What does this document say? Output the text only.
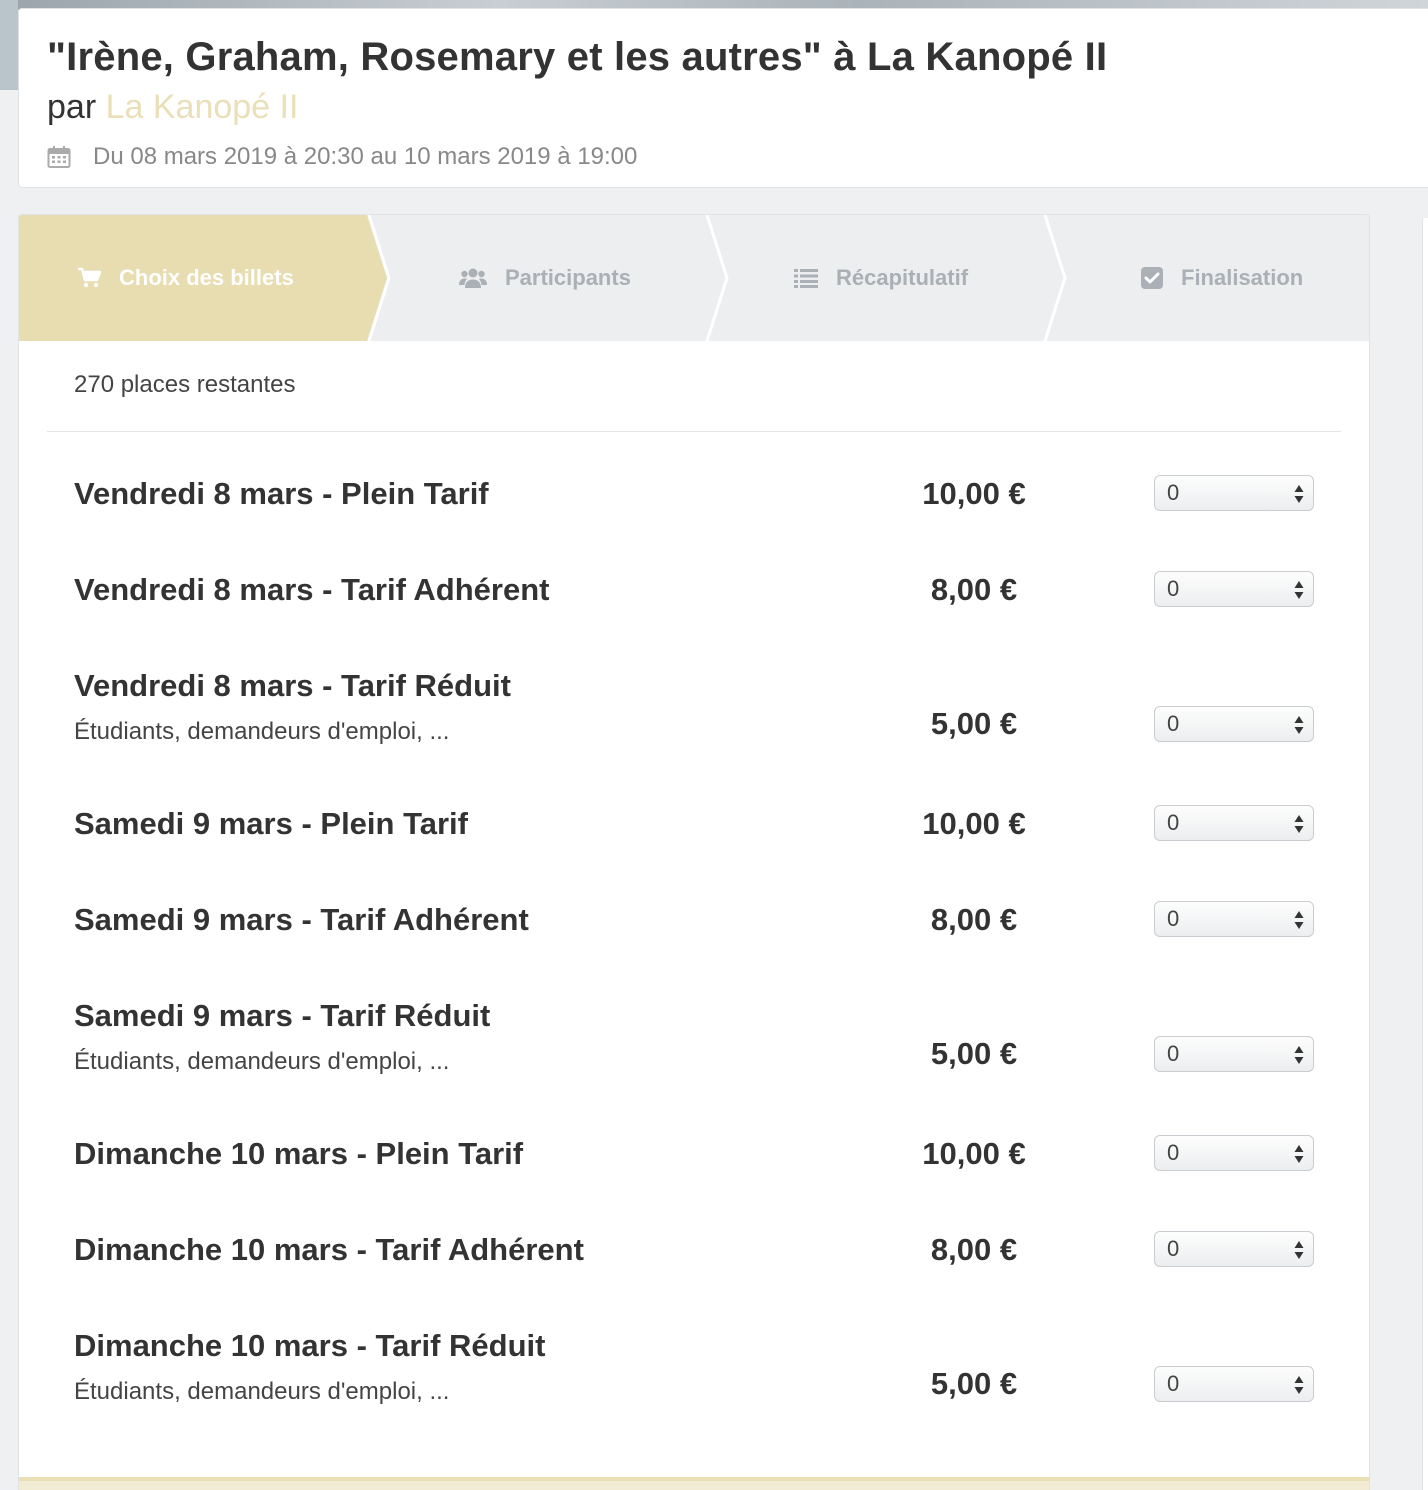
"Irène, Graham, Rosemary et les autres" à La Kanopé II
par La Kanopé II
Du 08 mars 2019 à 20:30 au 10 mars 2019 à 19:00
Choix des billets	Participants	Récapitulatif	Finalisation
270 places restantes
Vendredi 8 mars - Plein Tarif	10,00 €	0
Vendredi 8 mars - Tarif Adhérent	8,00 €	0
Vendredi 8 mars - Tarif Réduit
Étudiants, demandeurs d'emploi, ...	5,00 €	0
Samedi 9 mars - Plein Tarif	10,00 €	0
Samedi 9 mars - Tarif Adhérent	8,00 €	0
Samedi 9 mars - Tarif Réduit
Étudiants, demandeurs d'emploi, ...	5,00 €	0
Dimanche 10 mars - Plein Tarif	10,00 €	0
Dimanche 10 mars - Tarif Adhérent	8,00 €	0
Dimanche 10 mars - Tarif Réduit
Étudiants, demandeurs d'emploi, ...	5,00 €	0
